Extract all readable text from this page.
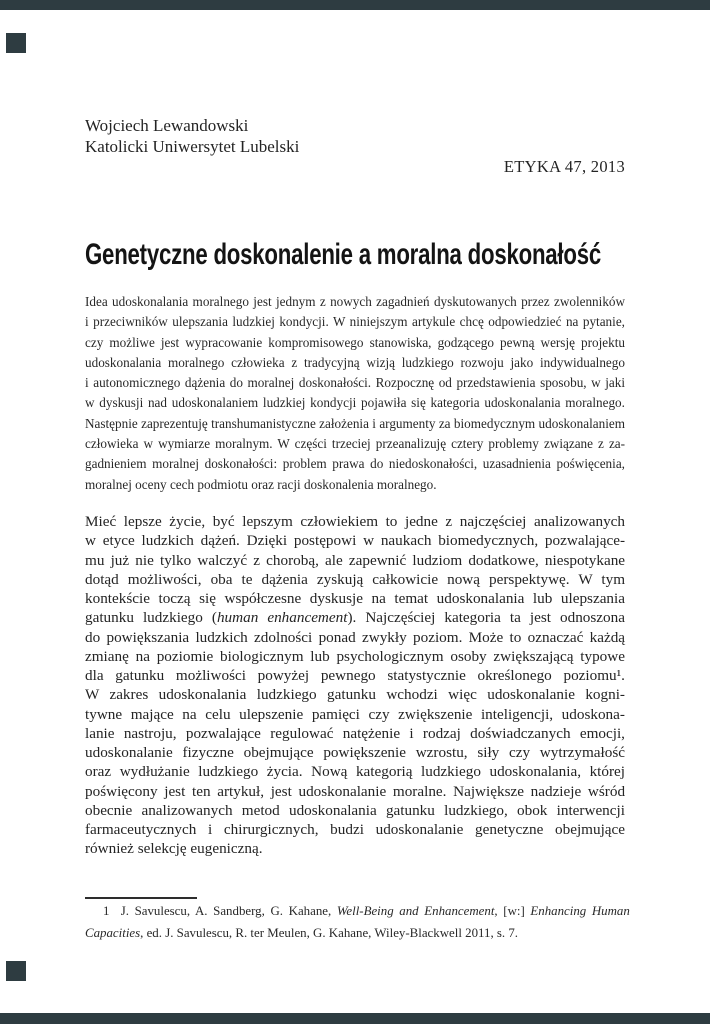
Wojciech Lewandowski
Katolicki Uniwersytet Lubelski
ETYKA 47, 2013
Genetyczne doskonalenie a moralna doskonałość
Idea udoskonalania moralnego jest jednym z nowych zagadnień dyskutowanych przez zwolenników
i przeciwników ulepszania ludzkiej kondycji. W niniejszym artykule chcę odpowiedzieć na pytanie,
czy możliwe jest wypracowanie kompromisowego stanowiska, godzącego pewną wersję projektu
udoskonalania moralnego człowieka z tradycyjną wizją ludzkiego rozwoju jako indywidualnego
i autonomicznego dążenia do moralnej doskonałości. Rozpocznę od przedstawienia sposobu, w jaki
w dyskusji nad udoskonalaniem ludzkiej kondycji pojawiła się kategoria udoskonalania moralnego.
Następnie zaprezentuję transhumanistyczne założenia i argumenty za biomedycznym udoskonalaniem
człowieka w wymiarze moralnym. W części trzeciej przeanalizuję cztery problemy związane z za-
gadnieniem moralnej doskonałości: problem prawa do niedoskonałości, uzasadnienia poświęcenia,
moralnej oceny cech podmiotu oraz racji doskonalenia moralnego.
Mieć lepsze życie, być lepszym człowiekiem to jedne z najczęściej analizowanych
w etyce ludzkich dążeń. Dzięki postępowi w naukach biomedycznych, pozwalające-
mu już nie tylko walczyć z chorobą, ale zapewnić ludziom dodatkowe, niespotykane
dotąd możliwości, oba te dążenia zyskują całkowicie nową perspektywę. W tym
kontekście toczą się współczesne dyskusje na temat udoskonalania lub ulepszania
gatunku ludzkiego (human enhancement). Najczęściej kategoria ta jest odnoszona
do powiększania ludzkich zdolności ponad zwykły poziom. Może to oznaczać każdą
zmianę na poziomie biologicznym lub psychologicznym osoby zwiększającą typowe
dla gatunku możliwości powyżej pewnego statystycznie określonego poziomu¹.
W zakres udoskonalania ludzkiego gatunku wchodzi więc udoskonalanie kogni-
tywne mające na celu ulepszenie pamięci czy zwiększenie inteligencji, udoskona-
lanie nastroju, pozwalające regulować natężenie i rodzaj doświadczanych emocji,
udoskonalanie fizyczne obejmujące powiększenie wzrostu, siły czy wytrzymałość
oraz wydłużanie ludzkiego życia. Nową kategorią ludzkiego udoskonalania, której
poświęcony jest ten artykuł, jest udoskonalanie moralne. Największe nadzieje wśród
obecnie analizowanych metod udoskonalania gatunku ludzkiego, obok interwencji
farmaceutycznych i chirurgicznych, budzi udoskonalanie genetyczne obejmujące
również selekcję eugeniczną.
1  J. Savulescu, A. Sandberg, G. Kahane, Well-Being and Enhancement, [w:] Enhancing Human
Capacities, ed. J. Savulescu, R. ter Meulen, G. Kahane, Wiley-Blackwell 2011, s. 7.
